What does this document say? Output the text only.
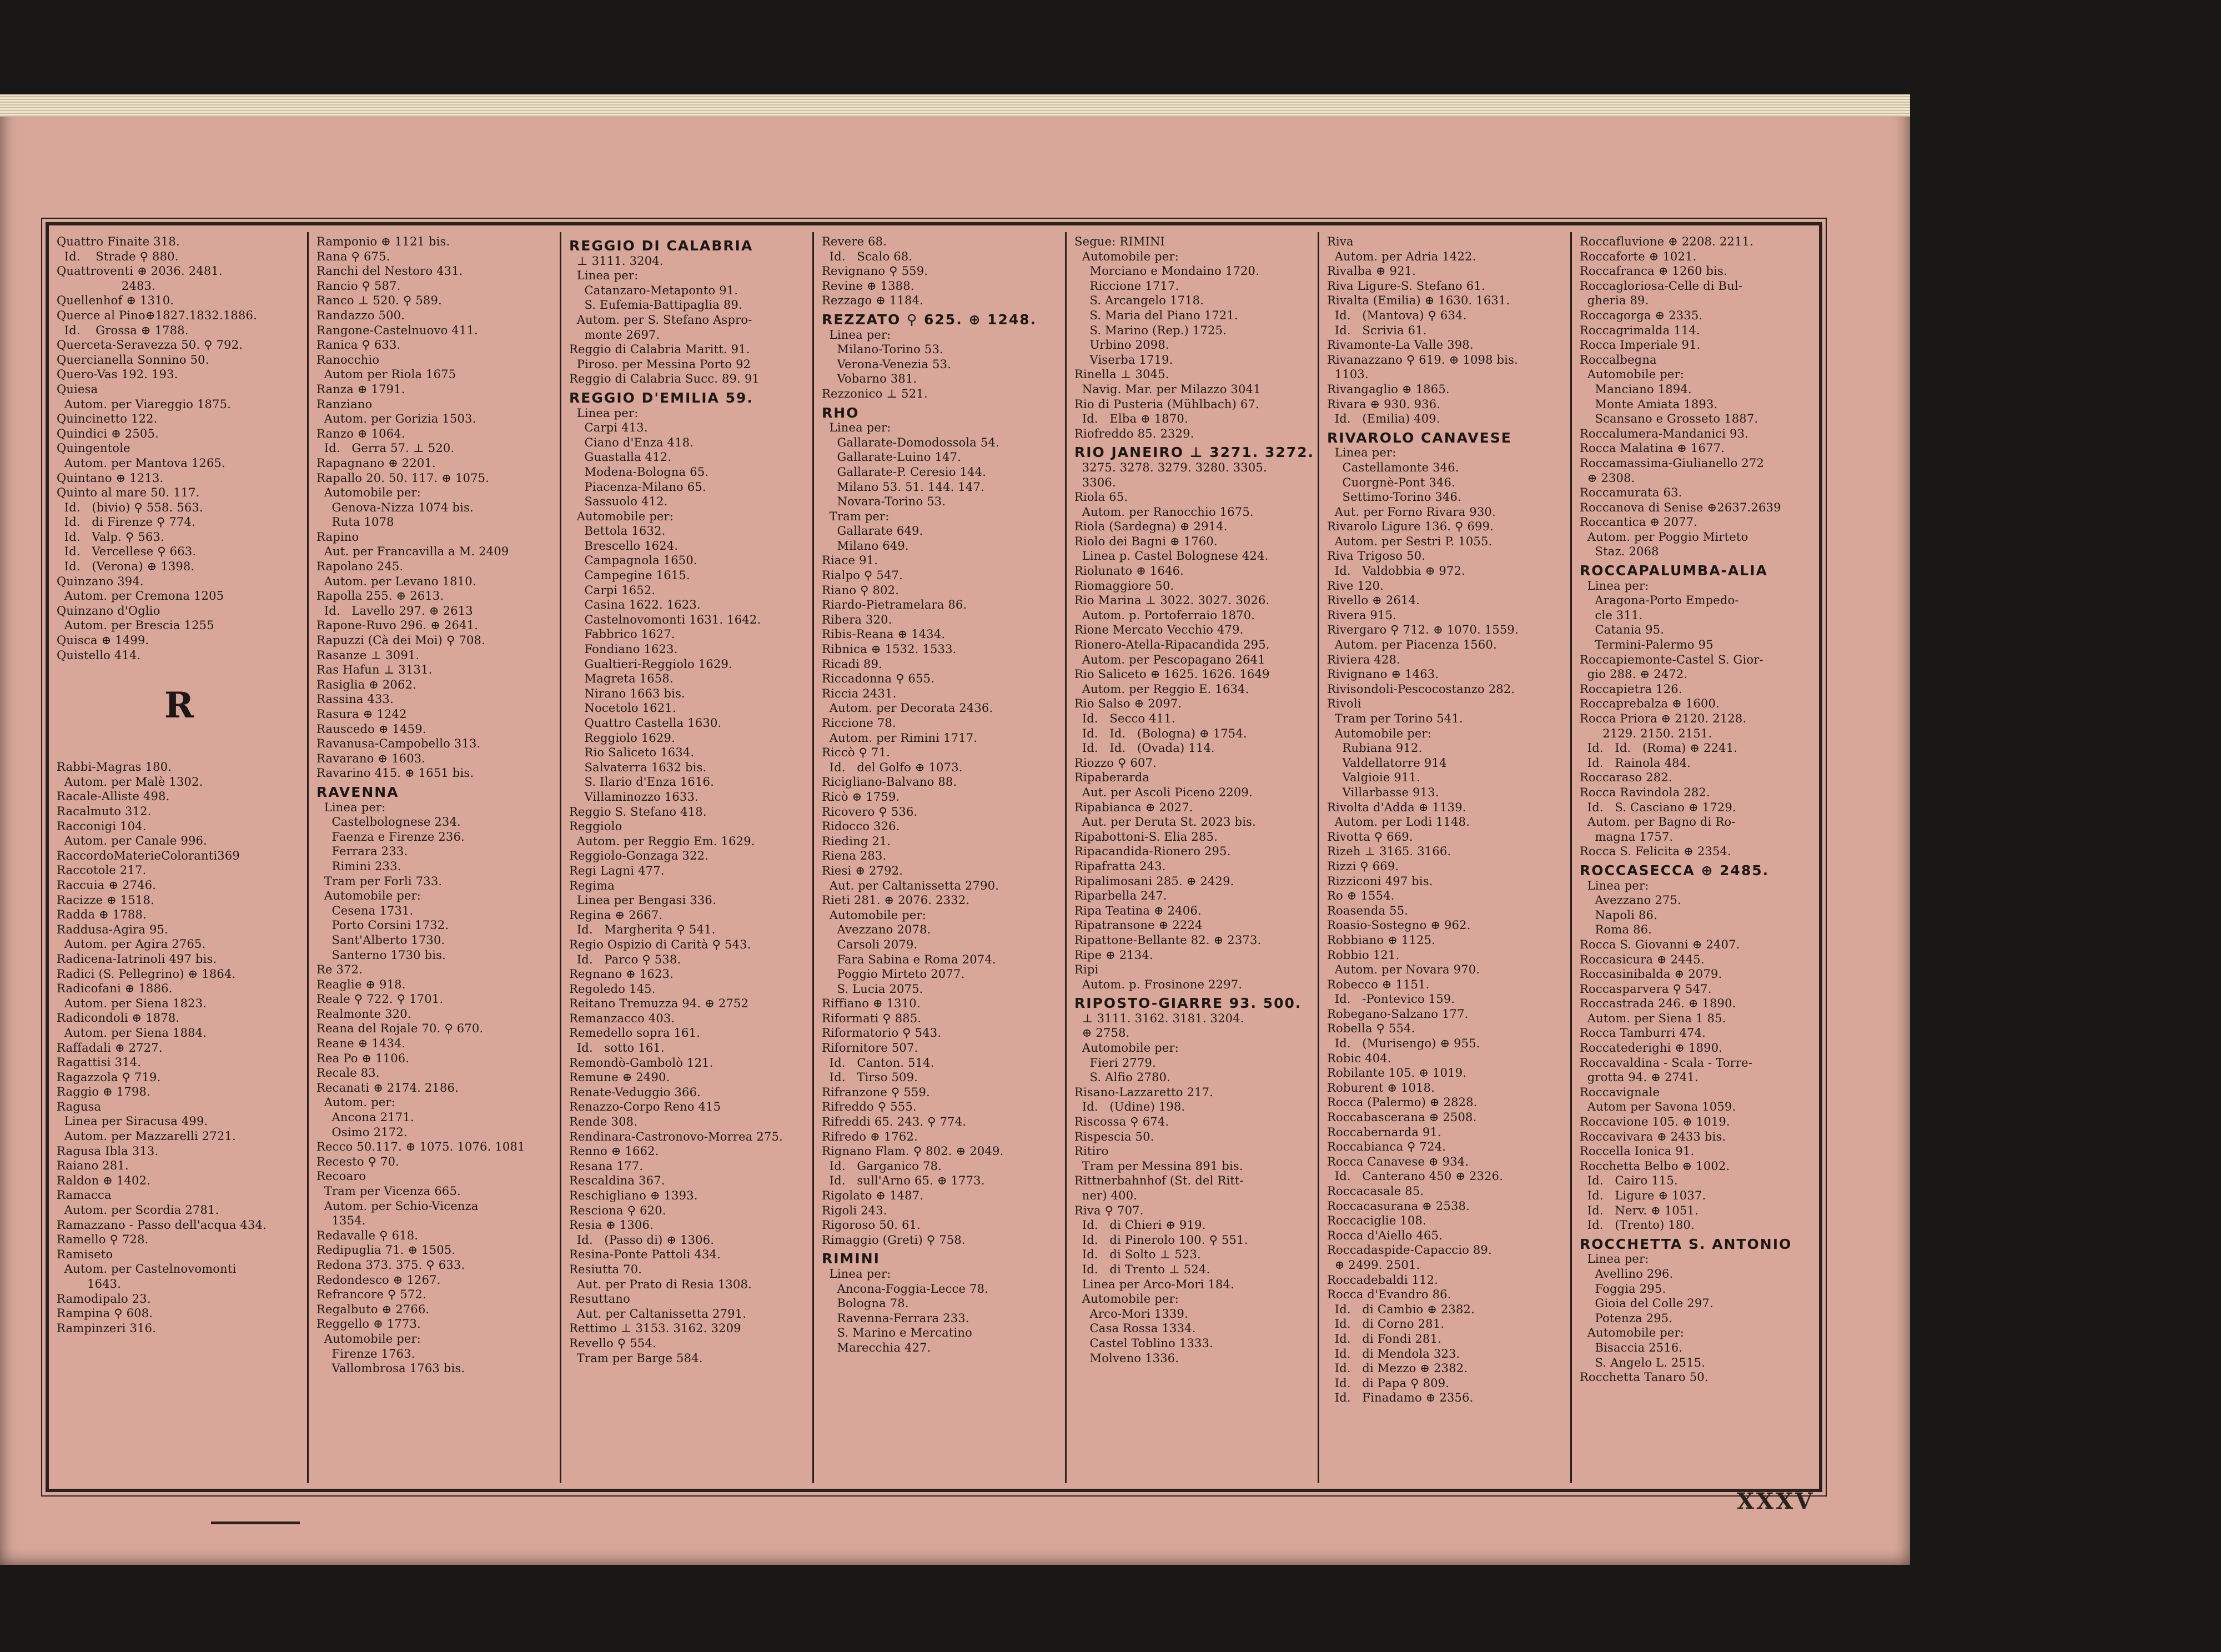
Quattro Finaite 318.
Id.    Strade ⚲ 880.
Quattroventi ⊕ 2036. 2481.
2483.
Quellenhof ⊕ 1310.
Querce al Pino⊕1827.1832.1886.
Id.    Grossa ⊕ 1788.
Querceta-Seravezza 50. ⚲ 792.
Quercianella Sonnino 50.
Quero-Vas 192. 193.
Quiesa
Autom. per Viareggio 1875.
Quincinetto 122.
Quindici ⊕ 2505.
Quingentole
Autom. per Mantova 1265.
Quintano ⊕ 1213.
Quinto al mare 50. 117.
Id.   (bivio) ⚲ 558. 563.
Id.   di Firenze ⚲ 774.
Id.   Valp. ⚲ 563.
Id.   Vercellese ⚲ 663.
Id.   (Verona) ⊕ 1398.
Quinzano 394.
Autom. per Cremona 1205
Quinzano d'Oglio
Autom. per Brescia 1255
Quisca ⊕ 1499.
Quistello 414.
R
Rabbi-Magras 180.
Autom. per Malè 1302.
Racale-Alliste 498.
Racalmuto 312.
Racconigi 104.
Autom. per Canale 996.
RaccordoMaterieColoranti369
Raccotole 217.
Raccuia ⊕ 2746.
Racizze ⊕ 1518.
Radda ⊕ 1788.
Raddusa-Agira 95.
Autom. per Agira 2765.
Radicena-Iatrinoli 497 bis.
Radici (S. Pellegrino) ⊕ 1864.
Radicofani ⊕ 1886.
Autom. per Siena 1823.
Radicondoli ⊕ 1878.
Autom. per Siena 1884.
Raffadali ⊕ 2727.
Ragattisi 314.
Ragazzola ⚲ 719.
Raggio ⊕ 1798.
Ragusa
Linea per Siracusa 499.
Autom. per Mazzarelli 2721.
Ragusa Ibla 313.
Raiano 281.
Raldon ⊕ 1402.
Ramacca
Autom. per Scordia 2781.
Ramazzano - Passo dell'acqua 434.
Ramello ⚲ 728.
Ramiseto
Autom. per Castelnovomonti
1643.
Ramodipalo 23.
Rampina ⚲ 608.
Rampinzeri 316.
Ramponio ⊕ 1121 bis.
Rana ⚲ 675.
Ranchi del Nestoro 431.
Rancio ⚲ 587.
Ranco ⊥ 520. ⚲ 589.
Randazzo 500.
Rangone-Castelnuovo 411.
Ranica ⚲ 633.
Ranocchio
Autom per Riola 1675
Ranza ⊕ 1791.
Ranziano
Autom. per Gorizia 1503.
Ranzo ⊕ 1064.
Id.   Gerra 57. ⊥ 520.
Rapagnano ⊕ 2201.
Rapallo 20. 50. 117. ⊕ 1075.
Automobile per:
Genova-Nizza 1074 bis.
Ruta 1078
Rapino
Aut. per Francavilla a M. 2409
Rapolano 245.
Autom. per Levano 1810.
Rapolla 255. ⊕ 2613.
Id.   Lavello 297. ⊕ 2613
Rapone-Ruvo 296. ⊕ 2641.
Rapuzzi (Cà dei Moi) ⚲ 708.
Rasanze ⊥ 3091.
Ras Hafun ⊥ 3131.
Rasiglia ⊕ 2062.
Rassina 433.
Rasura ⊕ 1242
Rauscedo ⊕ 1459.
Ravanusa-Campobello 313.
Ravarano ⊕ 1603.
Ravarino 415. ⊕ 1651 bis.
RAVENNA
Linea per:
Castelbolognese 234.
Faenza e Firenze 236.
Ferrara 233.
Rimini 233.
Tram per Forli 733.
Automobile per:
Cesena 1731.
Porto Corsini 1732.
Sant'Alberto 1730.
Santerno 1730 bis.
Re 372.
Reaglie ⊕ 918.
Reale ⚲ 722. ⚲ 1701.
Realmonte 320.
Reana del Rojale 70. ⚲ 670.
Reane ⊕ 1434.
Rea Po ⊕ 1106.
Recale 83.
Recanati ⊕ 2174. 2186.
Autom. per:
Ancona 2171.
Osimo 2172.
Recco 50.117. ⊕ 1075. 1076. 1081
Recesto ⚲ 70.
Recoaro
Tram per Vicenza 665.
Autom. per Schio-Vicenza
1354.
Redavalle ⚲ 618.
Redipuglia 71. ⊕ 1505.
Redona 373. 375. ⚲ 633.
Redondesco ⊕ 1267.
Refrancore ⚲ 572.
Regalbuto ⊕ 2766.
Reggello ⊕ 1773.
Automobile per:
Firenze 1763.
Vallombrosa 1763 bis.
REGGIO DI CALABRIA
⊥ 3111. 3204.
Linea per:
Catanzaro-Metaponto 91.
S. Eufemia-Battipaglia 89.
Autom. per S. Stefano Aspro-
monte 2697.
Reggio di Calabria Maritt. 91.
Piroso. per Messina Porto 92
Reggio di Calabria Succ. 89. 91
REGGIO D'EMILIA 59.
Linea per:
Carpi 413.
Ciano d'Enza 418.
Guastalla 412.
Modena-Bologna 65.
Piacenza-Milano 65.
Sassuolo 412.
Automobile per:
Bettola 1632.
Brescello 1624.
Campagnola 1650.
Campegine 1615.
Carpi 1652.
Casina 1622. 1623.
Castelnovomonti 1631. 1642.
Fabbrico 1627.
Fondiano 1623.
Gualtieri-Reggiolo 1629.
Magreta 1658.
Nirano 1663 bis.
Nocetolo 1621.
Quattro Castella 1630.
Reggiolo 1629.
Rio Saliceto 1634.
Salvaterra 1632 bis.
S. Ilario d'Enza 1616.
Villaminozzo 1633.
Reggio S. Stefano 418.
Reggiolo
Autom. per Reggio Em. 1629.
Reggiolo-Gonzaga 322.
Regi Lagni 477.
Regima
Linea per Bengasi 336.
Regina ⊕ 2667.
Id.   Margherita ⚲ 541.
Regio Ospizio di Carità ⚲ 543.
Id.   Parco ⚲ 538.
Regnano ⊕ 1623.
Regoledo 145.
Reitano Tremuzza 94. ⊕ 2752
Remanzacco 403.
Remedello sopra 161.
Id.   sotto 161.
Remondò-Gambolò 121.
Remune ⊕ 2490.
Renate-Veduggio 366.
Renazzo-Corpo Reno 415
Rende 308.
Rendinara-Castronovo-Morrea 275.
Renno ⊕ 1662.
Resana 177.
Rescaldina 367.
Reschigliano ⊕ 1393.
Resciona ⚲ 620.
Resia ⊕ 1306.
Id.   (Passo di) ⊕ 1306.
Resina-Ponte Pattoli 434.
Resiutta 70.
Aut. per Prato di Resia 1308.
Resuttano
Aut. per Caltanissetta 2791.
Rettimo ⊥ 3153. 3162. 3209
Revello ⚲ 554.
Tram per Barge 584.
Revere 68.
Id.   Scalo 68.
Revignano ⚲ 559.
Revine ⊕ 1388.
Rezzago ⊕ 1184.
REZZATO ⚲ 625. ⊕ 1248.
Linea per:
Milano-Torino 53.
Verona-Venezia 53.
Vobarno 381.
Rezzonico ⊥ 521.
RHO
Linea per:
Gallarate-Domodossola 54.
Gallarate-Luino 147.
Gallarate-P. Ceresio 144.
Milano 53. 51. 144. 147.
Novara-Torino 53.
Tram per:
Gallarate 649.
Milano 649.
Riace 91.
Rialpo ⚲ 547.
Riano ⚲ 802.
Riardo-Pietramelara 86.
Ribera 320.
Ribis-Reana ⊕ 1434.
Ribnica ⊕ 1532. 1533.
Ricadi 89.
Riccadonna ⚲ 655.
Riccia 2431.
Autom. per Decorata 2436.
Riccione 78.
Autom. per Rimini 1717.
Riccò ⚲ 71.
Id.   del Golfo ⊕ 1073.
Ricigliano-Balvano 88.
Ricò ⊕ 1759.
Ricovero ⚲ 536.
Ridocco 326.
Rieding 21.
Riena 283.
Riesi ⊕ 2792.
Aut. per Caltanissetta 2790.
Rieti 281. ⊕ 2076. 2332.
Automobile per:
Avezzano 2078.
Carsoli 2079.
Fara Sabina e Roma 2074.
Poggio Mirteto 2077.
S. Lucia 2075.
Riffiano ⊕ 1310.
Riformati ⚲ 885.
Riformatorio ⚲ 543.
Rifornitore 507.
Id.   Canton. 514.
Id.   Tirso 509.
Rifranzone ⚲ 559.
Rifreddo ⚲ 555.
Rifreddi 65. 243. ⚲ 774.
Rifredo ⊕ 1762.
Rignano Flam. ⚲ 802. ⊕ 2049.
Id.   Garganico 78.
Id.   sull'Arno 65. ⊕ 1773.
Rigolato ⊕ 1487.
Rigoli 243.
Rigoroso 50. 61.
Rimaggio (Greti) ⚲ 758.
RIMINI
Linea per:
Ancona-Foggia-Lecce 78.
Bologna 78.
Ravenna-Ferrara 233.
S. Marino e Mercatino
Marecchia 427.
Segue: RIMINI
Automobile per:
Morciano e Mondaino 1720.
Riccione 1717.
S. Arcangelo 1718.
S. Maria del Piano 1721.
S. Marino (Rep.) 1725.
Urbino 2098.
Viserba 1719.
Rinella ⊥ 3045.
Navig. Mar. per Milazzo 3041
Rio di Pusteria (Mühlbach) 67.
Id.   Elba ⊕ 1870.
Riofreddo 85. 2329.
RIO JANEIRO ⊥ 3271. 3272.
3275. 3278. 3279. 3280. 3305.
3306.
Riola 65.
Autom. per Ranocchio 1675.
Riola (Sardegna) ⊕ 2914.
Riolo dei Bagni ⊕ 1760.
Linea p. Castel Bolognese 424.
Riolunato ⊕ 1646.
Riomaggiore 50.
Rio Marina ⊥ 3022. 3027. 3026.
Autom. p. Portoferraio 1870.
Rione Mercato Vecchio 479.
Rionero-Atella-Ripacandida 295.
Autom. per Pescopagano 2641
Rio Saliceto ⊕ 1625. 1626. 1649
Autom. per Reggio E. 1634.
Rio Salso ⊕ 2097.
Id.   Secco 411.
Id.   Id.   (Bologna) ⊕ 1754.
Id.   Id.   (Ovada) 114.
Riozzo ⚲ 607.
Ripaberarda
Aut. per Ascoli Piceno 2209.
Ripabianca ⊕ 2027.
Aut. per Deruta St. 2023 bis.
Ripabottoni-S. Elia 285.
Ripacandida-Rionero 295.
Ripafratta 243.
Ripalimosani 285. ⊕ 2429.
Riparbella 247.
Ripa Teatina ⊕ 2406.
Ripatransone ⊕ 2224
Ripattone-Bellante 82. ⊕ 2373.
Ripe ⊕ 2134.
Ripi
Autom. p. Frosinone 2297.
RIPOSTO-GIARRE 93. 500.
⊥ 3111. 3162. 3181. 3204.
⊕ 2758.
Automobile per:
Fieri 2779.
S. Alfio 2780.
Risano-Lazzaretto 217.
Id.   (Udine) 198.
Riscossa ⚲ 674.
Rispescia 50.
Ritiro
Tram per Messina 891 bis.
Rittnerbahnhof (St. del Ritt-
ner) 400.
Riva ⚲ 707.
Id.   di Chieri ⊕ 919.
Id.   di Pinerolo 100. ⚲ 551.
Id.   di Solto ⊥ 523.
Id.   di Trento ⊥ 524.
Linea per Arco-Mori 184.
Automobile per:
Arco-Mori 1339.
Casa Rossa 1334.
Castel Toblino 1333.
Molveno 1336.
Riva
Autom. per Adria 1422.
Rivalba ⊕ 921.
Riva Ligure-S. Stefano 61.
Rivalta (Emilia) ⊕ 1630. 1631.
Id.   (Mantova) ⚲ 634.
Id.   Scrivia 61.
Rivamonte-La Valle 398.
Rivanazzano ⚲ 619. ⊕ 1098 bis.
1103.
Rivangaglio ⊕ 1865.
Rivara ⊕ 930. 936.
Id.   (Emilia) 409.
RIVAROLO CANAVESE
Linea per:
Castellamonte 346.
Cuorgnè-Pont 346.
Settimo-Torino 346.
Aut. per Forno Rivara 930.
Rivarolo Ligure 136. ⚲ 699.
Autom. per Sestri P. 1055.
Riva Trigoso 50.
Id.   Valdobbia ⊕ 972.
Rive 120.
Rivello ⊕ 2614.
Rivera 915.
Rivergaro ⚲ 712. ⊕ 1070. 1559.
Autom. per Piacenza 1560.
Riviera 428.
Rivignano ⊕ 1463.
Rivisondoli-Pescocostanzo 282.
Rivoli
Tram per Torino 541.
Automobile per:
Rubiana 912.
Valdellatorre 914
Valgioie 911.
Villarbasse 913.
Rivolta d'Adda ⊕ 1139.
Autom. per Lodi 1148.
Rivotta ⚲ 669.
Rizeh ⊥ 3165. 3166.
Rizzi ⚲ 669.
Rizziconi 497 bis.
Ro ⊕ 1554.
Roasenda 55.
Roasio-Sostegno ⊕ 962.
Robbiano ⊕ 1125.
Robbio 121.
Autom. per Novara 970.
Robecco ⊕ 1151.
Id.   -Pontevico 159.
Robegano-Salzano 177.
Robella ⚲ 554.
Id.   (Murisengo) ⊕ 955.
Robic 404.
Robilante 105. ⊕ 1019.
Roburent ⊕ 1018.
Rocca (Palermo) ⊕ 2828.
Roccabascerana ⊕ 2508.
Roccabernarda 91.
Roccabianca ⚲ 724.
Rocca Canavese ⊕ 934.
Id.   Canterano 450 ⊕ 2326.
Roccacasale 85.
Roccacasurana ⊕ 2538.
Roccaciglie 108.
Rocca d'Aiello 465.
Roccadaspide-Capaccio 89.
⊕ 2499. 2501.
Roccadebaldi 112.
Rocca d'Evandro 86.
Id.   di Cambio ⊕ 2382.
Id.   di Corno 281.
Id.   di Fondi 281.
Id.   di Mendola 323.
Id.   di Mezzo ⊕ 2382.
Id.   di Papa ⚲ 809.
Id.   Finadamo ⊕ 2356.
Roccafluvione ⊕ 2208. 2211.
Roccaforte ⊕ 1021.
Roccafranca ⊕ 1260 bis.
Roccagloriosa-Celle di Bul-
gheria 89.
Roccagorga ⊕ 2335.
Roccagrimalda 114.
Rocca Imperiale 91.
Roccalbegna
Automobile per:
Manciano 1894.
Monte Amiata 1893.
Scansano e Grosseto 1887.
Roccalumera-Mandanici 93.
Rocca Malatina ⊕ 1677.
Roccamassima-Giulianello 272
⊕ 2308.
Roccamurata 63.
Roccanova di Senise ⊕2637.2639
Roccantica ⊕ 2077.
Autom. per Poggio Mirteto
Staz. 2068
ROCCAPALUMBA-ALIA
Linea per:
Aragona-Porto Empedo-
cle 311.
Catania 95.
Termini-Palermo 95
Roccapiemonte-Castel S. Gior-
gio 288. ⊕ 2472.
Roccapietra 126.
Roccaprebalza ⊕ 1600.
Rocca Priora ⊕ 2120. 2128.
2129. 2150. 2151.
Id.   Id.   (Roma) ⊕ 2241.
Id.   Rainola 484.
Roccaraso 282.
Rocca Ravindola 282.
Id.   S. Casciano ⊕ 1729.
Autom. per Bagno di Ro-
magna 1757.
Rocca S. Felicita ⊕ 2354.
ROCCASECCA ⊕ 2485.
Linea per:
Avezzano 275.
Napoli 86.
Roma 86.
Rocca S. Giovanni ⊕ 2407.
Roccasicura ⊕ 2445.
Roccasinibalda ⊕ 2079.
Roccasparvera ⚲ 547.
Roccastrada 246. ⊕ 1890.
Autom. per Siena 1 85.
Rocca Tamburri 474.
Roccatederighi ⊕ 1890.
Roccavaldina - Scala - Torre-
grotta 94. ⊕ 2741.
Roccavignale
Autom per Savona 1059.
Roccavione 105. ⊕ 1019.
Roccavivara ⊕ 2433 bis.
Roccella Ionica 91.
Rocchetta Belbo ⊕ 1002.
Id.   Cairo 115.
Id.   Ligure ⊕ 1037.
Id.   Nerv. ⊕ 1051.
Id.   (Trento) 180.
ROCCHETTA S. ANTONIO
Linea per:
Avellino 296.
Foggia 295.
Gioia del Colle 297.
Potenza 295.
Automobile per:
Bisaccia 2516.
S. Angelo L. 2515.
Rocchetta Tanaro 50.
XXXV
